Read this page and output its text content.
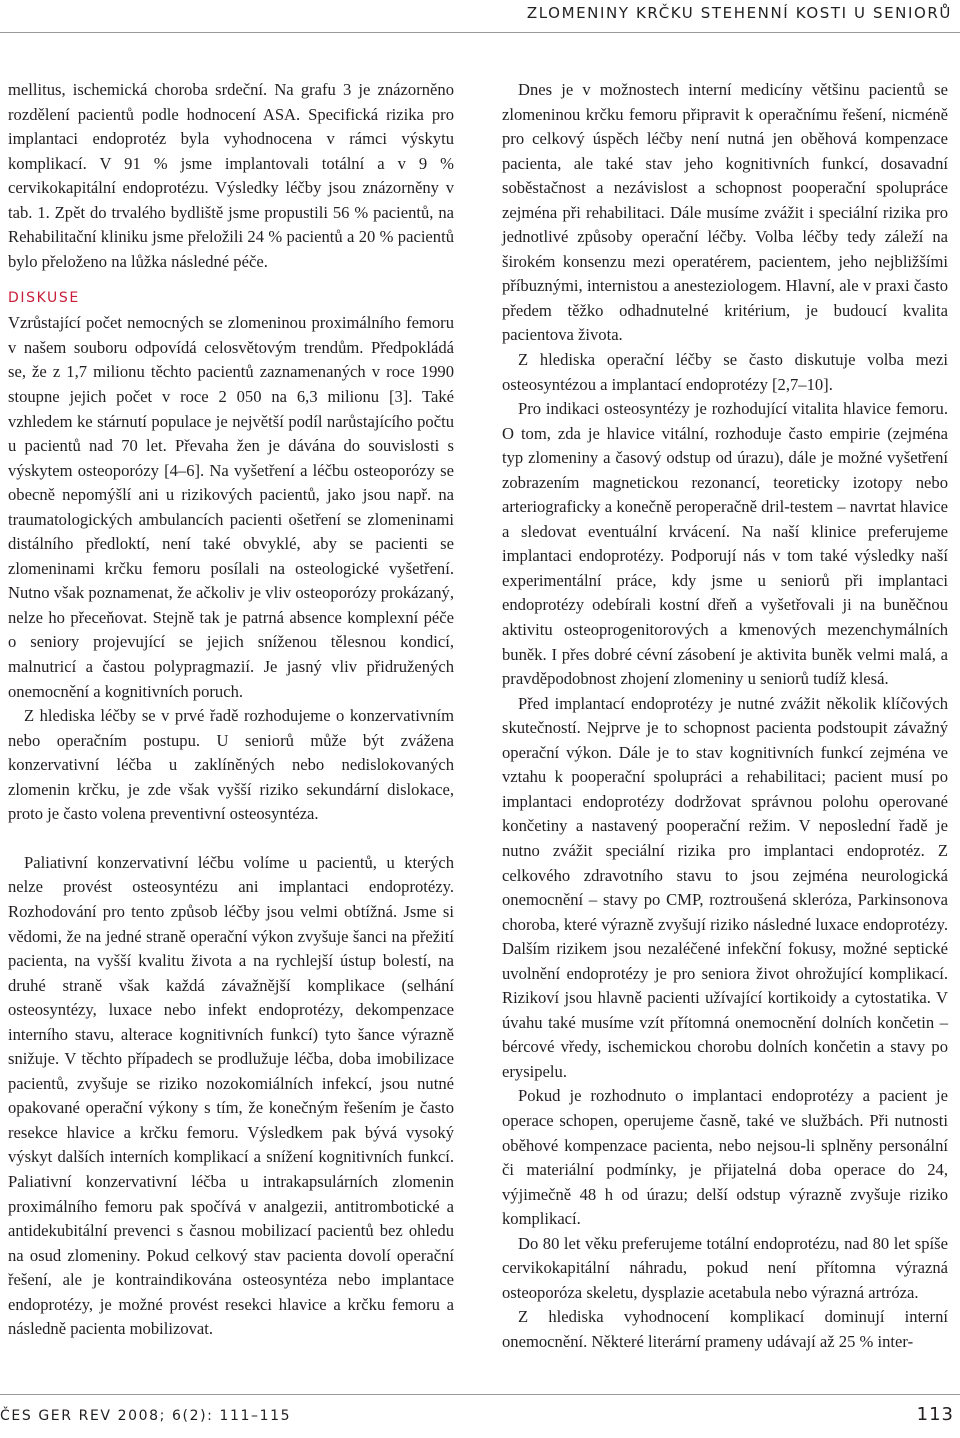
ZLOMENINY KRČKU STEHENNÍ KOSTI U SENIORŮ

mellitus, ischemická choroba srdeční. Na grafu 3 je znázorněno rozdělení pacientů podle hodnocení ASA. Specifická rizika pro implantaci endoprotéz byla vyhodnocena v rámci výskytu komplikací. V 91 % jsme implantovali totální a v 9 % cervikokapitální endoprotézu. Výsledky léčby jsou znázorněny v tab. 1. Zpět do trvalého bydliště jsme propustili 56 % pacientů, na Rehabilitační kliniku jsme přeložili 24 % pacientů a 20 % pacientů bylo přeloženo na lůžka následné péče.

DISKUSE

Vzrůstající počet nemocných se zlomeninou proximálního femoru v našem souboru odpovídá celosvětovým trendům. Předpokládá se, že z 1,7 milionu těchto pacientů zaznamenaných v roce 1990 stoupne jejich počet v roce 2 050 na 6,3 milionu [3]. Také vzhledem ke stárnutí populace je největší podíl narůstajícího počtu u pacientů nad 70 let. Převaha žen je dávána do souvislosti s výskytem osteoporózy [4–6]. Na vyšetření a léčbu osteoporózy se obecně nepomýšlí ani u rizikových pacientů, jako jsou např. na traumatologických ambulancích pacienti ošetření se zlomeninami distálního předloktí, není také obvyklé, aby se pacienti se zlomeninami krčku femoru posílali na osteologické vyšetření. Nutno však poznamenat, že ačkoliv je vliv osteoporózy prokázaný, nelze ho přeceňovat. Stejně tak je patrná absence komplexní péče o seniory projevující se jejich sníženou tělesnou kondicí, malnutricí a častou polypragmazií. Je jasný vliv přidružených onemocnění a kognitivních poruch.

Z hlediska léčby se v prvé řadě rozhodujeme o konzervativním nebo operačním postupu. U seniorů může být zvážena konzervativní léčba u zaklíněných nebo nedislokovaných zlomenin krčku, je zde však vyšší riziko sekundární dislokace, proto je často volena preventivní osteosyntéza.

Paliativní konzervativní léčbu volíme u pacientů, u kterých nelze provést osteosyntézu ani implantaci endoprotézy. Rozhodování pro tento způsob léčby jsou velmi obtížná. Jsme si vědomi, že na jedné straně operační výkon zvyšuje šanci na přežití pacienta, na vyšší kvalitu života a na rychlejší ústup bolestí, na druhé straně však každá závažnější komplikace (selhání osteosyntézy, luxace nebo infekt endoprotézy, dekompenzace interního stavu, alterace kognitivních funkcí) tyto šance výrazně snižuje. V těchto případech se prodlužuje léčba, doba imobilizace pacientů, zvyšuje se riziko nozokomiálních infekcí, jsou nutné opakované operační výkony s tím, že konečným řešením je často resekce hlavice a krčku femoru. Výsledkem pak bývá vysoký výskyt dalších interních komplikací a snížení kognitivních funkcí. Paliativní konzervativní léčba u intrakapsulárních zlomenin proximálního femoru pak spočívá v analgezii, antitrombotické a antidekubitální prevenci s časnou mobilizací pacientů bez ohledu na osud zlomeniny. Pokud celkový stav pacienta dovolí operační řešení, ale je kontraindikována osteosyntéza nebo implantace endoprotézy, je možné provést resekci hlavice a krčku femoru a následně pacienta mobilizovat.

Dnes je v možnostech interní medicíny většinu pacientů se zlomeninou krčku femoru připravit k operačnímu řešení, nicméně pro celkový úspěch léčby není nutná jen oběhová kompenzace pacienta, ale také stav jeho kognitivních funkcí, dosavadní soběstačnost a nezávislost a schopnost pooperační spolupráce zejména při rehabilitaci. Dále musíme zvážit i speciální rizika pro jednotlivé způsoby operační léčby. Volba léčby tedy záleží na širokém konsenzu mezi operatérem, pacientem, jeho nejbližšími příbuznými, internistou a anesteziologem. Hlavní, ale v praxi často předem těžko odhadnutelné kritérium, je budoucí kvalita pacientova života.

Z hlediska operační léčby se často diskutuje volba mezi osteosyntézou a implantací endoprotézy [2,7–10].

Pro indikaci osteosyntézy je rozhodující vitalita hlavice femoru. O tom, zda je hlavice vitální, rozhoduje často empirie (zejména typ zlomeniny a časový odstup od úrazu), dále je možné vyšetření zobrazením magnetickou rezonancí, teoreticky izotopy nebo arteriograficky a konečně peroperačně dril-testem – navrtat hlavice a sledovat eventuální krvácení. Na naší klinice preferujeme implantaci endoprotézy. Podporují nás v tom také výsledky naší experimentální práce, kdy jsme u seniorů při implantaci endoprotézy odebírali kostní dřeň a vyšetřovali ji na buněčnou aktivitu osteoprogenitorových a kmenových mezenchymálních buněk. I přes dobré cévní zásobení je aktivita buněk velmi malá, a pravděpodobnost zhojení zlomeniny u seniorů tudíž klesá.

Před implantací endoprotézy je nutné zvážit několik klíčových skutečností. Nejprve je to schopnost pacienta podstoupit závažný operační výkon. Dále je to stav kognitivních funkcí zejména ve vztahu k pooperační spolupráci a rehabilitaci; pacient musí po implantaci endoprotézy dodržovat správnou polohu operované končetiny a nastavený pooperační režim. V neposlední řadě je nutno zvážit speciální rizika pro implantaci endoprotéz. Z celkového zdravotního stavu to jsou zejména neurologická onemocnění – stavy po CMP, roztroušená skleróza, Parkinsonova choroba, které výrazně zvyšují riziko následné luxace endoprotézy. Dalším rizikem jsou nezaléčené infekční fokusy, možné septické uvolnění endoprotézy je pro seniora život ohrožující komplikací. Rizikoví jsou hlavně pacienti užívající kortikoidy a cytostatika. V úvahu také musíme vzít přítomná onemocnění dolních končetin – bércové vředy, ischemickou chorobu dolních končetin a stavy po erysipelu.

Pokud je rozhodnuto o implantaci endoprotézy a pacient je operace schopen, operujeme časně, také ve službách. Při nutnosti oběhové kompenzace pacienta, nebo nejsou-li splněny personální či materiální podmínky, je přijatelná doba operace do 24, výjimečně 48 h od úrazu; delší odstup výrazně zvyšuje riziko komplikací.

Do 80 let věku preferujeme totální endoprotézu, nad 80 let spíše cervikokapitální náhradu, pokud není přítomna výrazná osteoporóza skeletu, dysplazie acetabula nebo výrazná artróza.

Z hlediska vyhodnocení komplikací dominují interní onemocnění. Některé literární prameny udávají až 25 % inter-

ČES GER REV 2008; 6(2): 111–115	113
